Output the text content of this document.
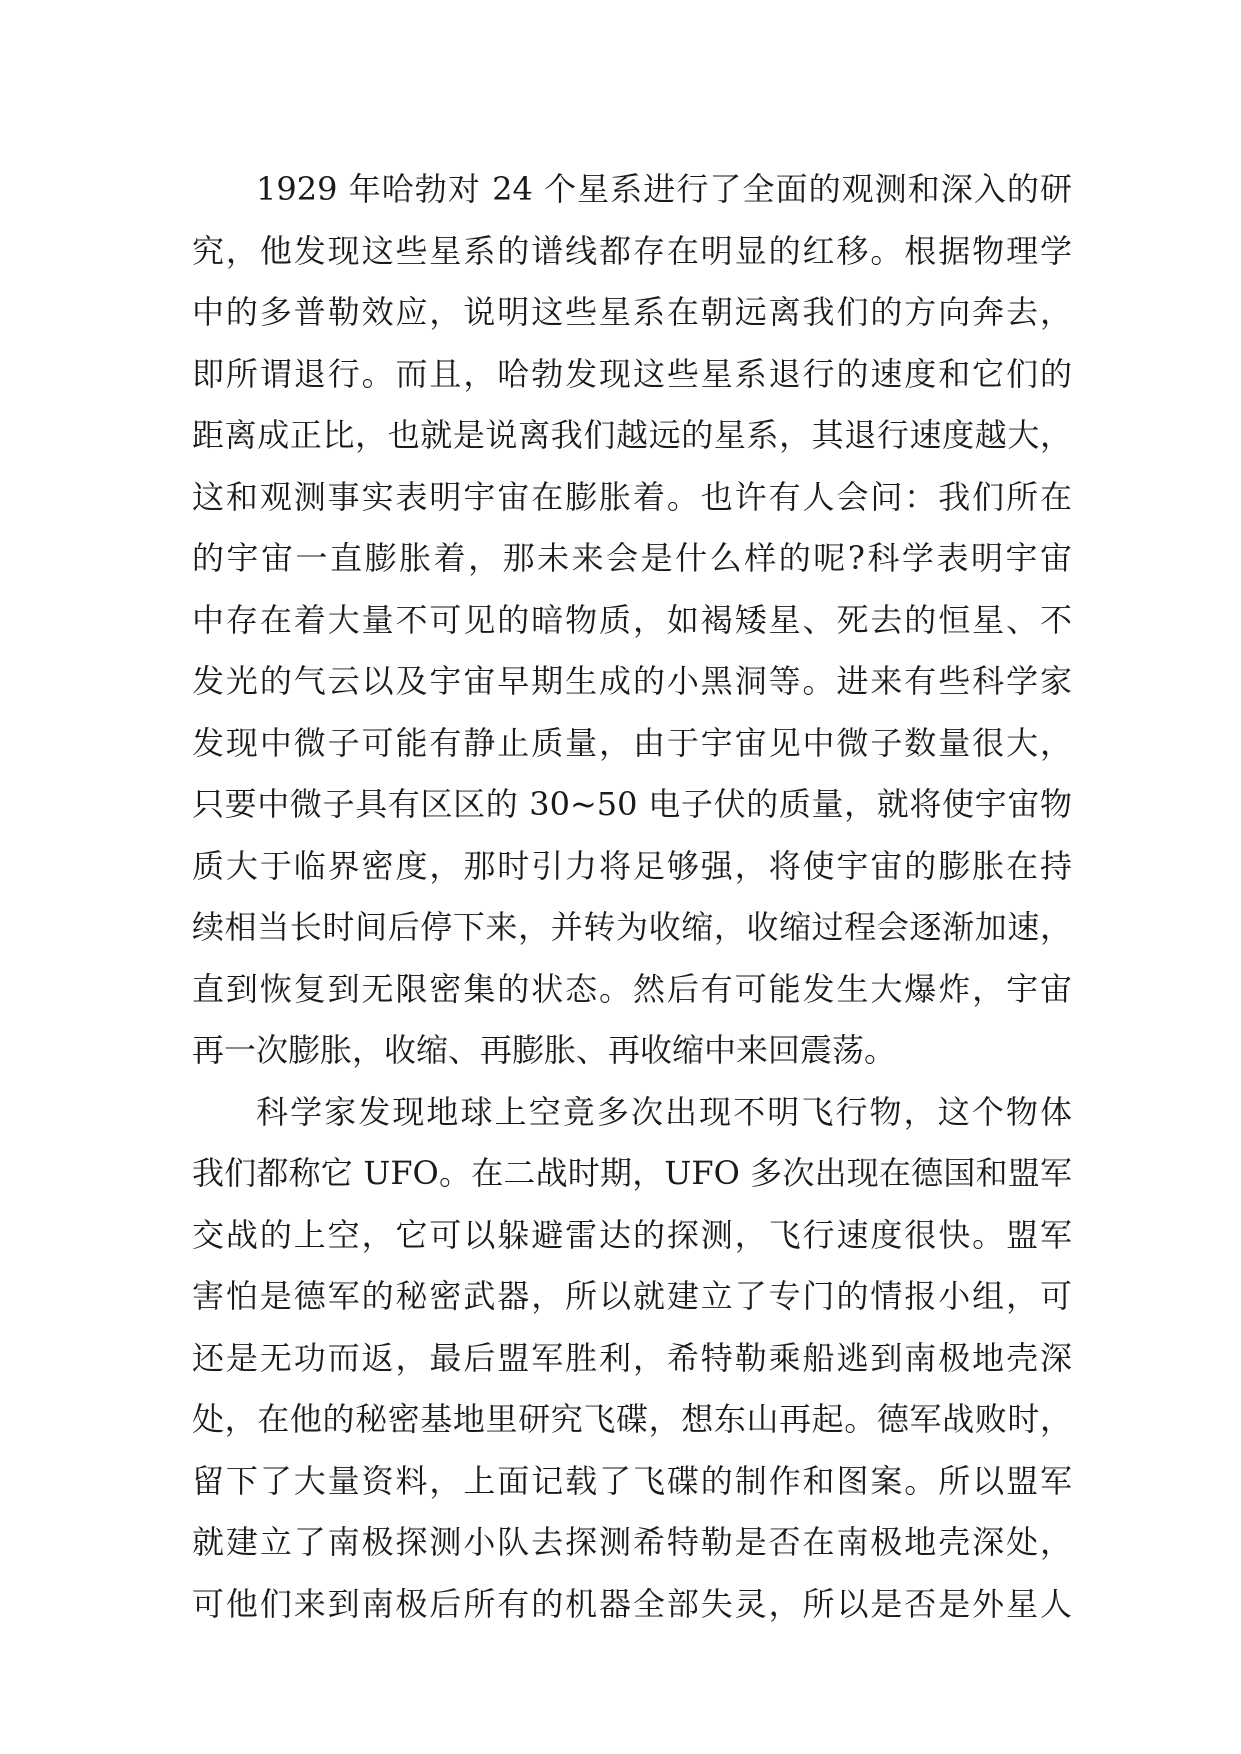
1929 年哈勃对 24 个星系进行了全面的观测和深入的研
究，他发现这些星系的谱线都存在明显的红移。根据物理学
中的多普勒效应，说明这些星系在朝远离我们的方向奔去，
即所谓退行。而且，哈勃发现这些星系退行的速度和它们的
距离成正比，也就是说离我们越远的星系，其退行速度越大，
这和观测事实表明宇宙在膨胀着。也许有人会问：我们所在
的宇宙一直膨胀着，那未来会是什么样的呢?科学表明宇宙
中存在着大量不可见的暗物质，如褐矮星、死去的恒星、不
发光的气云以及宇宙早期生成的小黑洞等。进来有些科学家
发现中微子可能有静止质量，由于宇宙见中微子数量很大，
只要中微子具有区区的 30~50 电子伏的质量，就将使宇宙物
质大于临界密度，那时引力将足够强，将使宇宙的膨胀在持
续相当长时间后停下来，并转为收缩，收缩过程会逐渐加速，
直到恢复到无限密集的状态。然后有可能发生大爆炸，宇宙
再一次膨胀，收缩、再膨胀、再收缩中来回震荡。
科学家发现地球上空竟多次出现不明飞行物，这个物体
我们都称它 UFO。在二战时期，UFO 多次出现在德国和盟军
交战的上空，它可以躲避雷达的探测，飞行速度很快。盟军
害怕是德军的秘密武器，所以就建立了专门的情报小组，可
还是无功而返，最后盟军胜利，希特勒乘船逃到南极地壳深
处，在他的秘密基地里研究飞碟，想东山再起。德军战败时，
留下了大量资料，上面记载了飞碟的制作和图案。所以盟军
就建立了南极探测小队去探测希特勒是否在南极地壳深处，
可他们来到南极后所有的机器全部失灵，所以是否是外星人
